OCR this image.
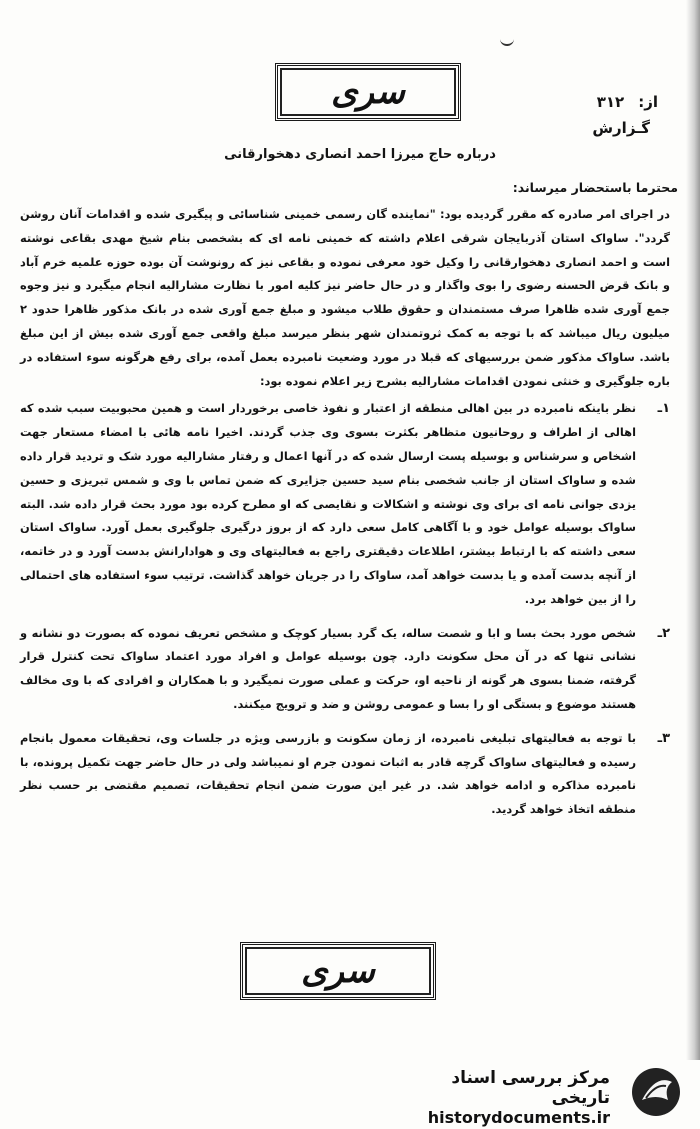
سری	از:
۳۱۲
گـزارش
درباره حاج میرزا احمد انصاری دهخوارقانی
محترما باستحضار میرساند:

در اجرای امر صادره که مقرر گردیده بود: "نماینده گان رسمی خمینی شناسائی و پیگیری شده و اقدامات آنان روشن گردد". ساواک استان آذربایجان شرقی اعلام داشته که خمینی نامه ای که بشخصی بنام شیخ مهدی بقاعی نوشته است و احمد انصاری دهخوارقانی را وکیل خود معرفی نموده و بقاعی نیز که رونوشت آن بوده حوزه علمیه خرم آباد و بانک قرض الحسنه رضوی را بوی واگذار و در حال حاضر نیز کلیه امور با نظارت مشارالیه انجام میگیرد و نیز وجوه جمع آوری شده ظاهرا صرف مستمندان و حقوق طلاب میشود و مبلغ جمع آوری شده در بانک مذکور ظاهرا حدود ۲ میلیون ریال میباشد که با توجه به کمک ثروتمندان شهر بنظر میرسد مبلغ واقعی جمع آوری شده بیش از این مبلغ باشد. ساواک مذکور ضمن بررسیهای که قبلا در مورد وضعیت نامبرده بعمل آمده، برای رفع هرگونه سوء استفاده در باره جلوگیری و خنثی نمودن اقدامات مشارالیه بشرح زیر اعلام نموده بود:

۱ـ

نظر باینکه نامبرده در بین اهالی منطقه از اعتبار و نفوذ خاصی برخوردار است و همین محبوبیت سبب شده که اهالی از اطراف و روحانیون متظاهر بکثرت بسوی وی جذب گردند. اخیرا نامه هائی با امضاء مستعار جهت اشخاص و سرشناس و بوسیله پست ارسال شده که در آنها اعمال و رفتار مشارالیه مورد شک و تردید قرار داده شده و ساواک استان از جانب شخصی بنام سید حسین جزایری که ضمن تماس با وی و شمس تبریزی و حسین یزدی جوانی نامه ای برای وی نوشته و اشکالات و نقایصی که او مطرح کرده بود مورد بحث قرار داده شد. البته ساواک بوسیله عوامل خود و با آگاهی کامل سعی دارد که از بروز درگیری جلوگیری بعمل آورد. ساواک استان سعی داشته که با ارتباط بیشتر، اطلاعات دقیقتری راجع به فعالیتهای وی و هوادارانش بدست آورد و در خاتمه، از آنچه بدست آمده و یا بدست خواهد آمد، ساواک را در جریان خواهد گذاشت. ترتیب سوء استفاده های احتمالی را از بین خواهد برد.

۲ـ

شخص مورد بحث بسا و ابا و شصت ساله، یک گرد بسیار کوچک و مشخص تعریف نموده که بصورت دو نشانه و نشانی تنها که در آن محل سکونت دارد. چون بوسیله عوامل و افراد مورد اعتماد ساواک تحت کنترل قرار گرفته، ضمنا بسوی هر گونه از ناحیه او، حرکت و عملی صورت نمیگیرد و با همکاران و افرادی که با وی مخالف هستند موضوع و بستگی او را بسا و عمومی روشن و ضد و ترویج میکنند.

۳ـ

با توجه به فعالیتهای تبلیغی نامبرده، از زمان سکونت و بازرسی ویژه در جلسات وی، تحقیقات معمول بانجام رسیده و فعالیتهای ساواک گرچه قادر به اثبات نمودن جرم او نمیباشد ولی در حال حاضر جهت تکمیل پرونده، با نامبرده مذاکره و ادامه خواهد شد. در غیر این صورت ضمن انجام تحقیقات، تصمیم مقتضی بر حسب نظر منطقه اتخاذ خواهد گردید.

سری
مرکز بررسی اسناد تاریخی
historydocuments.ir
